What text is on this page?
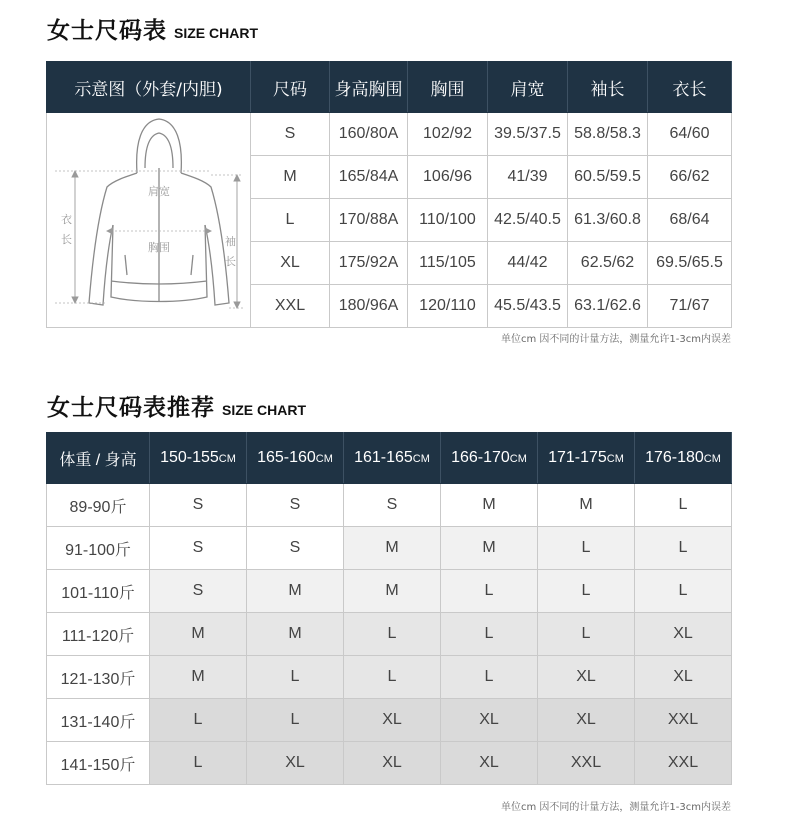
女士尺码表 SIZE CHART
示意图（外套/内胆)	尺码	身高胸围	胸围	肩宽	袖长	衣长

肩宽
胸围
衣长 袖长	S	160/80A	102/92	39.5/37.5	58.8/58.3	64/60
	M	165/84A	106/96	41/39	60.5/59.5	66/62
	L	170/88A	110/100	42.5/40.5	61.3/60.8	68/64
	XL	175/92A	115/105	44/42	62.5/62	69.5/65.5
	XXL	180/96A	120/110	45.5/43.5	63.1/62.6	71/67
单位cm 因不同的计量方法，测量允许1-3cm内误差
女士尺码表推荐 SIZE CHART
体重 / 身高	150-155CM	165-160CM	161-165CM	166-170CM	171-175CM	176-180CM
89-90斤	S	S	S	M	M	L
91-100斤	S	S	M	M	L	L
101-110斤	S	M	M	L	L	L
111-120斤	M	M	L	L	L	XL
121-130斤	M	L	L	L	XL	XL
131-140斤	L	L	XL	XL	XL	XXL
141-150斤	L	XL	XL	XL	XXL	XXL
单位cm 因不同的计量方法，测量允许1-3cm内误差
